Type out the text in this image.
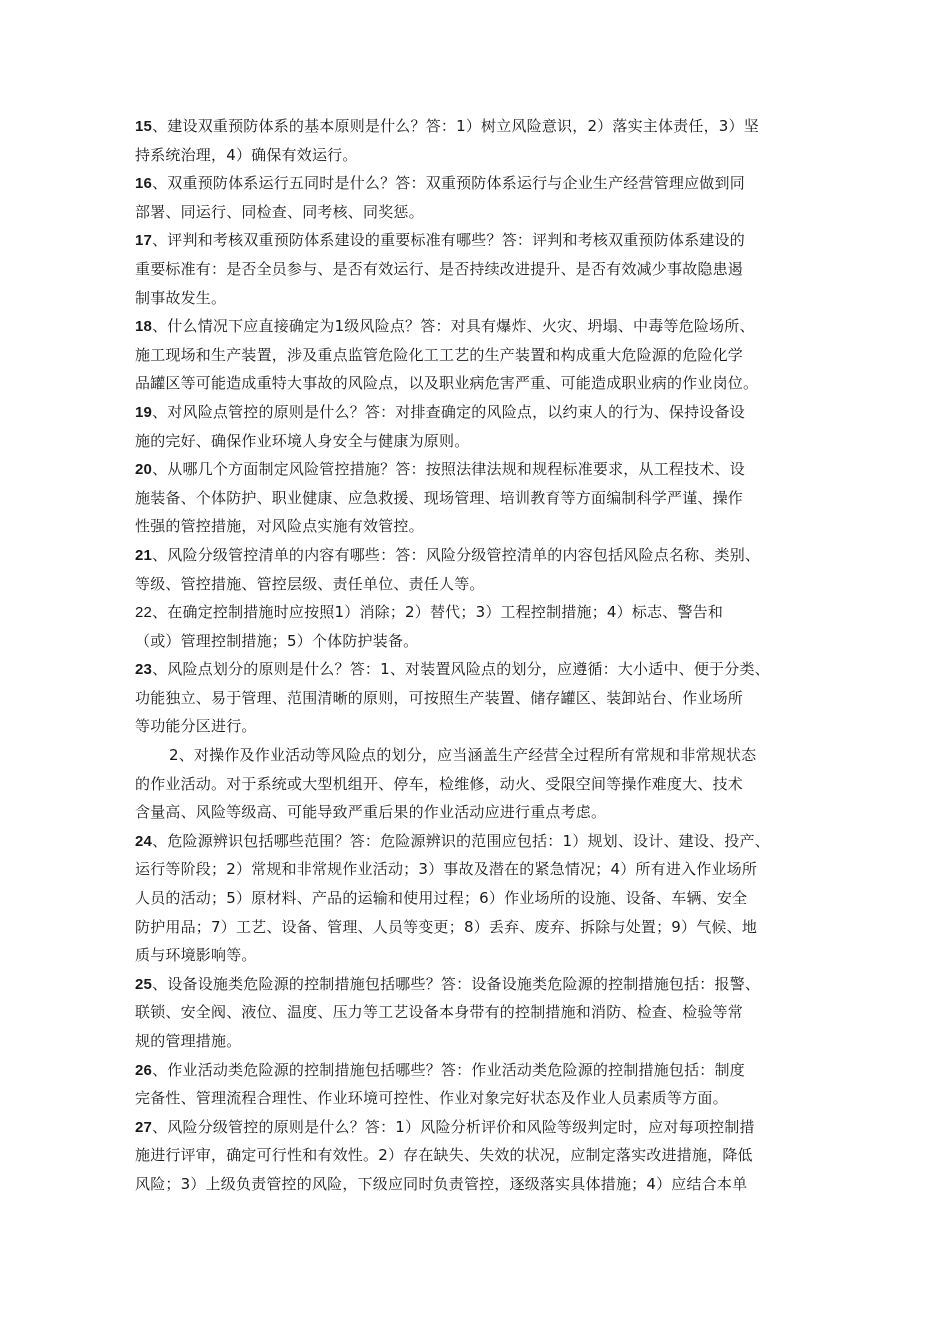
15、建设双重预防体系的基本原则是什么？答：1）树立风险意识，2）落实主体责任，3）坚
持系统治理，4）确保有效运行。
16、双重预防体系运行五同时是什么？答：双重预防体系运行与企业生产经营管理应做到同
部署、同运行、同检查、同考核、同奖惩。
17、评判和考核双重预防体系建设的重要标准有哪些？答：评判和考核双重预防体系建设的
重要标准有：是否全员参与、是否有效运行、是否持续改进提升、是否有效减少事故隐患遏
制事故发生。
18、什么情况下应直接确定为1级风险点？答：对具有爆炸、火灾、坍塌、中毒等危险场所、
施工现场和生产装置，涉及重点监管危险化工工艺的生产装置和构成重大危险源的危险化学
品罐区等可能造成重特大事故的风险点，以及职业病危害严重、可能造成职业病的作业岗位。
19、对风险点管控的原则是什么？答：对排查确定的风险点，以约束人的行为、保持设备设
施的完好、确保作业环境人身安全与健康为原则。
20、从哪几个方面制定风险管控措施？答：按照法律法规和规程标准要求，从工程技术、设
施装备、个体防护、职业健康、应急救援、现场管理、培训教育等方面编制科学严谨、操作
性强的管控措施，对风险点实施有效管控。
21、风险分级管控清单的内容有哪些：答：风险分级管控清单的内容包括风险点名称、类别、
等级、管控措施、管控层级、责任单位、责任人等。
22、在确定控制措施时应按照1）消除；2）替代；3）工程控制措施；4）标志、警告和
（或）管理控制措施；5）个体防护装备。
23、风险点划分的原则是什么？答：1、对装置风险点的划分，应遵循：大小适中、便于分类、
功能独立、易于管理、范围清晰的原则，可按照生产装置、储存罐区、装卸站台、作业场所
等功能分区进行。
2、对操作及作业活动等风险点的划分，应当涵盖生产经营全过程所有常规和非常规状态
的作业活动。对于系统或大型机组开、停车，检维修，动火、受限空间等操作难度大、技术
含量高、风险等级高、可能导致严重后果的作业活动应进行重点考虑。
24、危险源辨识包括哪些范围？答：危险源辨识的范围应包括：1）规划、设计、建设、投产、
运行等阶段；2）常规和非常规作业活动；3）事故及潜在的紧急情况；4）所有进入作业场所
人员的活动；5）原材料、产品的运输和使用过程；6）作业场所的设施、设备、车辆、安全
防护用品；7）工艺、设备、管理、人员等变更；8）丢弃、废弃、拆除与处置；9）气候、地
质与环境影响等。
25、设备设施类危险源的控制措施包括哪些？答：设备设施类危险源的控制措施包括：报警、
联锁、安全阀、液位、温度、压力等工艺设备本身带有的控制措施和消防、检查、检验等常
规的管理措施。
26、作业活动类危险源的控制措施包括哪些？答：作业活动类危险源的控制措施包括：制度
完备性、管理流程合理性、作业环境可控性、作业对象完好状态及作业人员素质等方面。
27、风险分级管控的原则是什么？答：1）风险分析评价和风险等级判定时，应对每项控制措
施进行评审，确定可行性和有效性。2）存在缺失、失效的状况，应制定落实改进措施，降低
风险；3）上级负责管控的风险，下级应同时负责管控，逐级落实具体措施；4）应结合本单
